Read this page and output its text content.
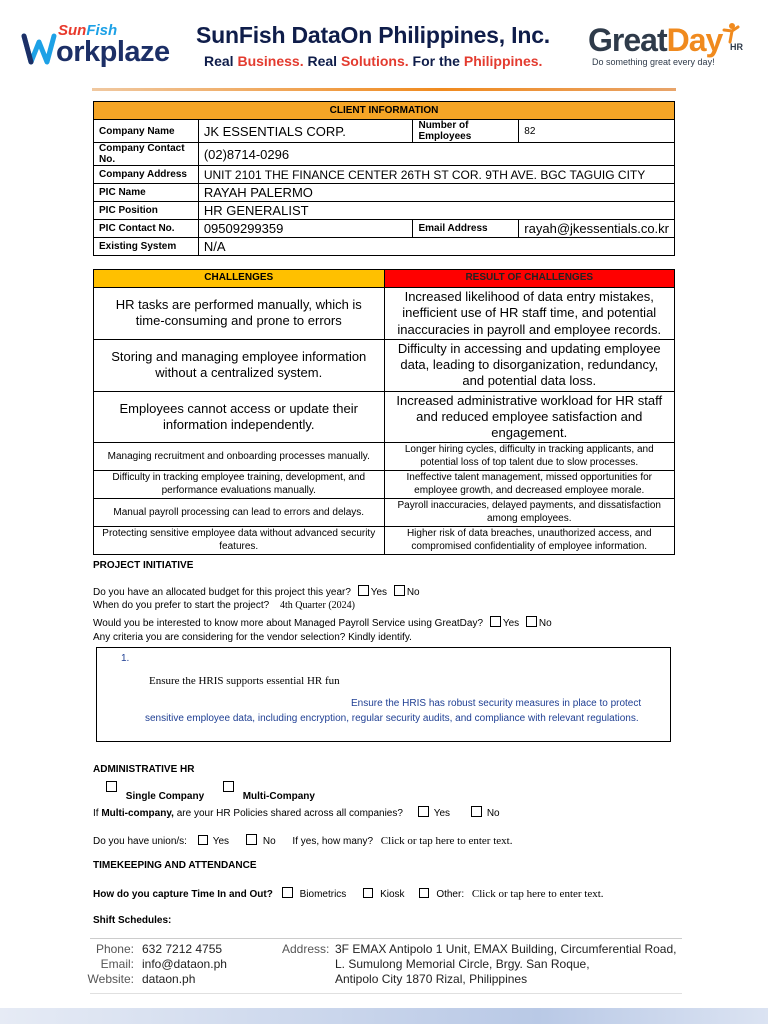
SunFish
orkplaze
SunFish DataOn Philippines, Inc.
Real Business. Real Solutions. For the Philippines.
GreatDay HR
Do something great every day!
CLIENT INFORMATION			
Company Name	JK ESSENTIALS CORP.	Number of Employees	82
Company Contact No.	(02)8714-0296		
Company Address	UNIT 2101 THE FINANCE CENTER 26TH ST COR. 9TH AVE. BGC TAGUIG CITY		
PIC Name	RAYAH PALERMO		
PIC Position	HR GENERALIST		
PIC Contact No.	09509299359	Email Address	rayah@jkessentials.co.kr
Existing System	N/A		
CHALLENGES	RESULT OF CHALLENGES
HR tasks are performed manually, which is time-consuming and prone to errors	Increased likelihood of data entry mistakes, inefficient use of HR staff time, and potential inaccuracies in payroll and employee records.
Storing and managing employee information without a centralized system.	Difficulty in accessing and updating employee data, leading to disorganization, redundancy, and potential data loss.
Employees cannot access or update their information independently.	Increased administrative workload for HR staff and reduced employee satisfaction and engagement.
Managing recruitment and onboarding processes manually.	Longer hiring cycles, difficulty in tracking applicants, and potential loss of top talent due to slow processes.
Difficulty in tracking employee training, development, and performance evaluations manually.	Ineffective talent management, missed opportunities for employee growth, and decreased employee morale.
Manual payroll processing can lead to errors and delays.	Payroll inaccuracies, delayed payments, and dissatisfaction among employees.
Protecting sensitive employee data without advanced security features.	Higher risk of data breaches, unauthorized access, and compromised confidentiality of employee information.
PROJECT INITIATIVE
Do you have an allocated budget for this project this year? Yes No
When do you prefer to start the project? 4th Quarter (2024)
Would you be interested to know more about Managed Payroll Service using GreatDay? Yes No
Any criteria you are considering for the vendor selection? Kindly identify.
1.
Ensure the HRIS supports essential HR fun
Ensure the HRIS has robust security measures in place to protect sensitive employee data, including encryption, regular security audits, and compliance with relevant regulations.
ADMINISTRATIVE HR
Single Company	Multi-Company
If Multi-company, are your HR Policies shared across all companies?	Yes	No
Do you have union/s:	Yes	No If yes, how many? Click or tap here to enter text.
TIMEKEEPING AND ATTENDANCE
How do you capture Time In and Out?	Biometrics	Kiosk	Other: Click or tap here to enter text.
Shift Schedules:
Phone: 632 7212 4755
Email: info@dataon.ph
Website: dataon.ph
Address: 3F EMAX Antipolo 1 Unit, EMAX Building, Circumferential Road,
L. Sumulong Memorial Circle, Brgy. San Roque,
Antipolo City 1870 Rizal, Philippines
